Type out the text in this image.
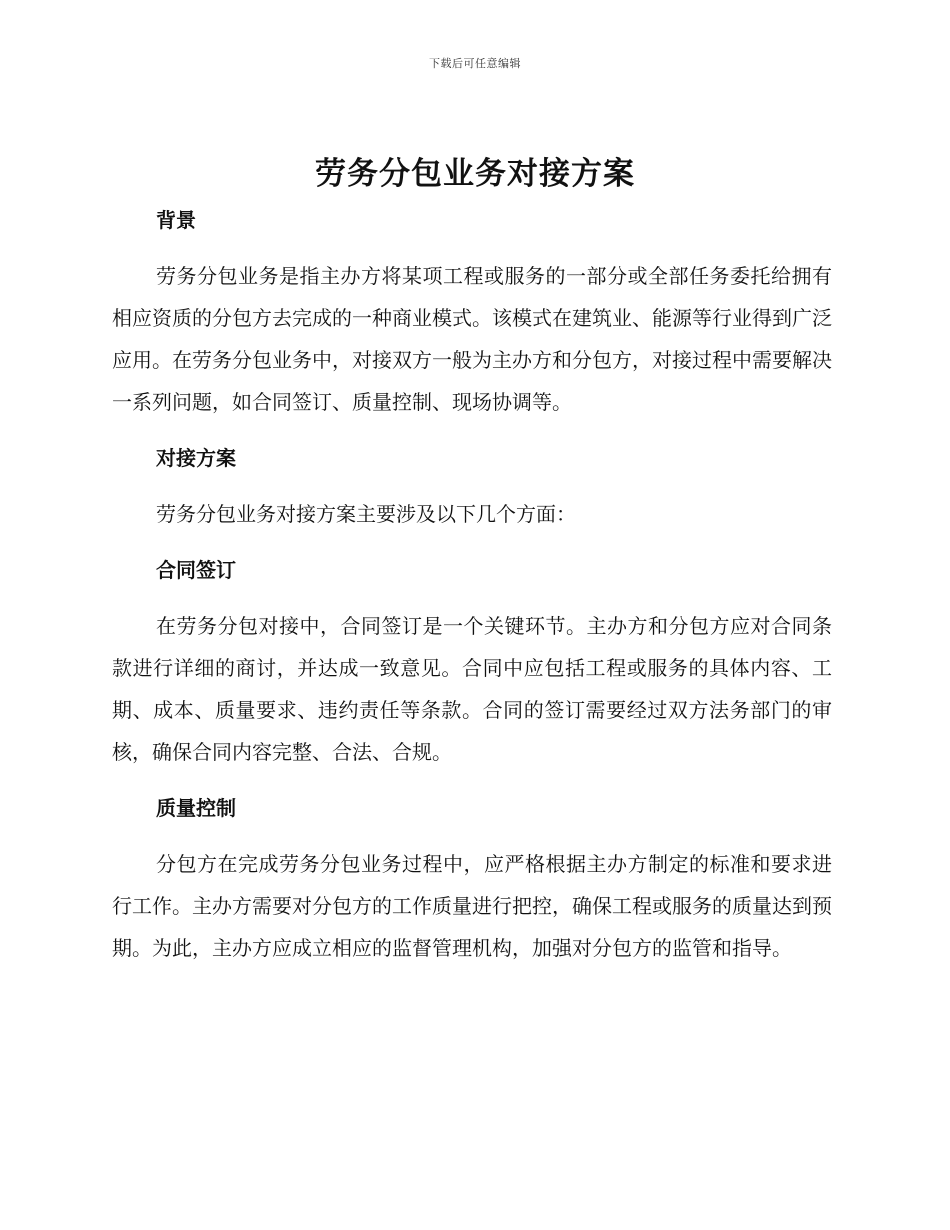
下载后可任意编辑
劳务分包业务对接方案
背景

劳务分包业务是指主办方将某项工程或服务的一部分或全部任务委托给拥有相应资质的分包方去完成的一种商业模式。该模式在建筑业、能源等行业得到广泛应用。在劳务分包业务中，对接双方一般为主办方和分包方，对接过程中需要解决一系列问题，如合同签订、质量控制、现场协调等。

对接方案

劳务分包业务对接方案主要涉及以下几个方面：

合同签订

在劳务分包对接中，合同签订是一个关键环节。主办方和分包方应对合同条款进行详细的商讨，并达成一致意见。合同中应包括工程或服务的具体内容、工期、成本、质量要求、违约责任等条款。合同的签订需要经过双方法务部门的审核，确保合同内容完整、合法、合规。

质量控制

分包方在完成劳务分包业务过程中，应严格根据主办方制定的标准和要求进行工作。主办方需要对分包方的工作质量进行把控，确保工程或服务的质量达到预期。为此，主办方应成立相应的监督管理机构，加强对分包方的监管和指导。
